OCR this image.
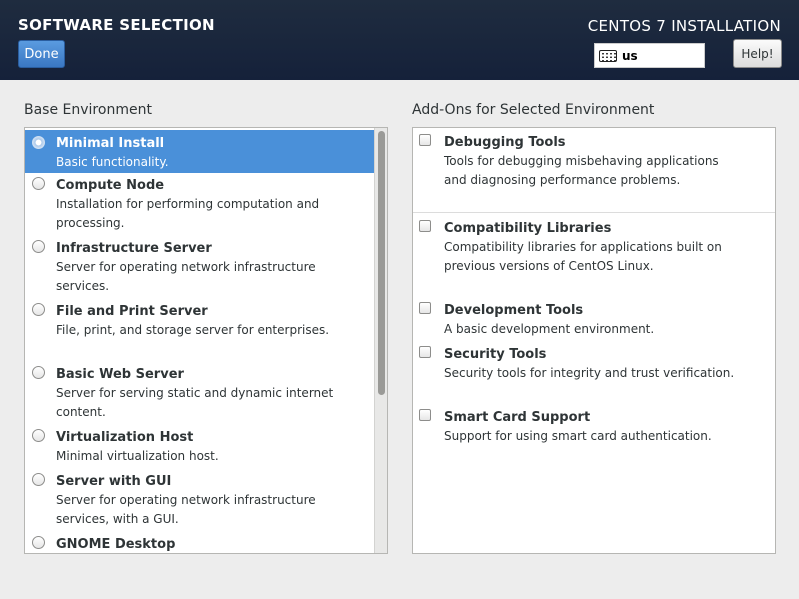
SOFTWARE SELECTION
Done
CENTOS 7 INSTALLATION
us	Help!
Base Environment	Add-Ons for Selected Environment
Minimal Install
Basic functionality.
Compute Node
Installation for performing computation and processing.
Infrastructure Server
Server for operating network infrastructure services.
File and Print Server
File, print, and storage server for enterprises.
Basic Web Server
Server for serving static and dynamic internet content.
Virtualization Host
Minimal virtualization host.
Server with GUI
Server for operating network infrastructure services, with a GUI.
GNOME Desktop
Debugging Tools
Tools for debugging misbehaving applications and diagnosing performance problems.
Compatibility Libraries
Compatibility libraries for applications built on previous versions of CentOS Linux.
Development Tools
A basic development environment.
Security Tools
Security tools for integrity and trust verification.
Smart Card Support
Support for using smart card authentication.
